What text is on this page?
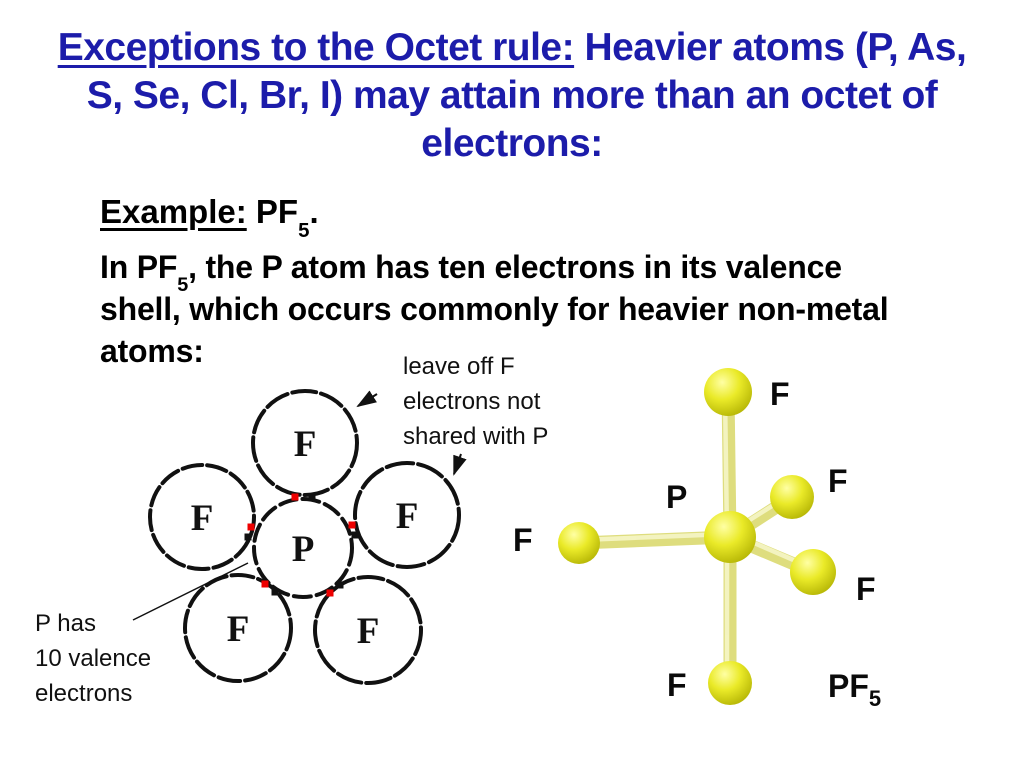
Exceptions to the Octet rule: Heavier atoms (P, As,
S, Se, Cl, Br, I) may attain more than an octet of
electrons:
Example: $PF_5$.
In $PF_5$, the P atom has ten electrons in its valence
shell, which occurs commonly for heavier non-metal
atoms:	leave off F
electrons not
shared with P
P has
10 valence
electrons
F
F	F
F	F
P
F
F
P
F
F
F	$PF_5$
